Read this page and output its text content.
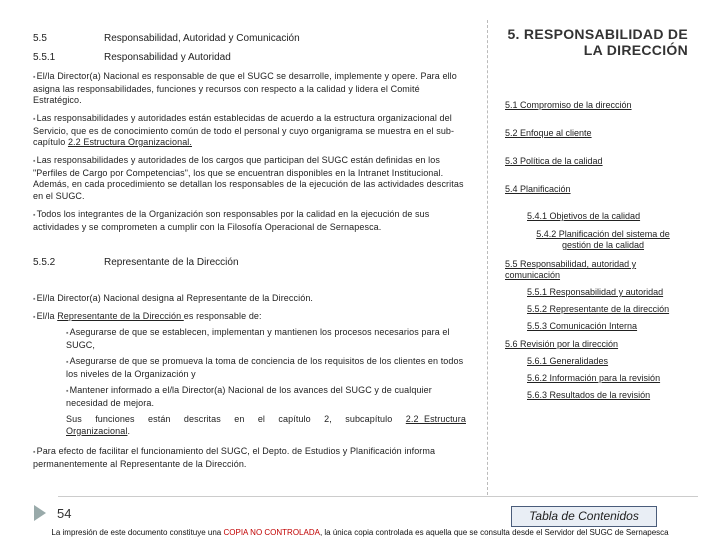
5.5	Responsabilidad, Autoridad y Comunicación
5.5.1	Responsabilidad y Autoridad
▪ El/la Director(a) Nacional es responsable de que el SUGC se desarrolle, implemente y opere. Para ello asigna las responsabilidades, funciones y recursos con respecto a la calidad y lidera el Comité Estratégico.
▪ Las responsabilidades y autoridades están establecidas de acuerdo a la estructura organizacional del Servicio, que es de conocimiento común de todo el personal y cuyo organigrama se muestra en el sub-capítulo 2.2 Estructura Organizacional.
▪ Las responsabilidades y autoridades de los cargos que participan del SUGC están definidas en los "Perfiles de Cargo por Competencias", los que se encuentran disponibles en la Intranet Institucional. Además, en cada procedimiento se detallan los responsables de la ejecución de las actividades descritas en el SUGC.
▪ Todos los integrantes de la Organización son responsables por la calidad en la ejecución de sus actividades y se comprometen a cumplir con la Filosofía Operacional de Sernapesca.
5.5.2	Representante de la Dirección
▪ El/la Director(a) Nacional designa al Representante de la Dirección.
▪ El/la Representante de la Dirección es responsable de:
▪ Asegurarse de que se establecen, implementan y mantienen los procesos necesarios para el SUGC,
▪ Asegurarse de que se promueva la toma de conciencia de los requisitos de los clientes en todos los niveles de la Organización y
▪ Mantener informado a el/la Director(a) Nacional de los avances del SUGC y de cualquier necesidad de mejora.
Sus funciones están descritas en el capítulo 2, subcapítulo 2.2 Estructura Organizacional.
▪ Para efecto de facilitar el funcionamiento del SUGC, el Depto. de Estudios y Planificación informa permanentemente al Representante de la Dirección.
5. RESPONSABILIDAD DE LA DIRECCIÓN
5.1 Compromiso de la dirección
5.2 Enfoque al cliente
5.3 Política de la calidad
5.4 Planificación
5.4.1 Objetivos de la calidad
5.4.2 Planificación del sistema de gestión de la calidad
5.5 Responsabilidad, autoridad y comunicación
5.5.1 Responsabilidad y autoridad
5.5.2 Representante de la dirección
5.5.3 Comunicación Interna
5.6 Revisión por la dirección
5.6.1 Generalidades
5.6.2 Información para la revisión
5.6.3 Resultados de la revisión
54	Tabla de Contenidos
La impresión de este documento constituye una COPIA NO CONTROLADA, la única copia controlada es aquella que se consulta desde el Servidor del SUGC de Sernapesca
